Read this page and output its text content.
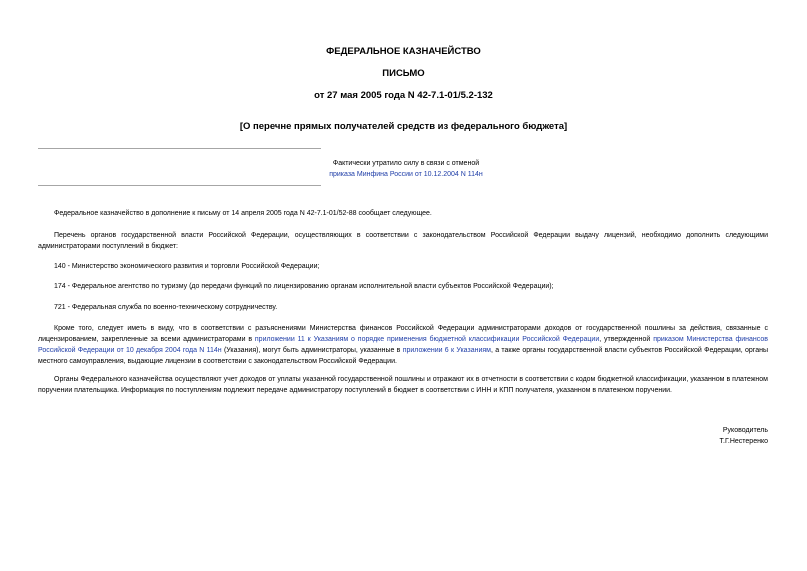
ФЕДЕРАЛЬНОЕ КАЗНАЧЕЙСТВО
ПИСЬМО
от 27 мая 2005 года N 42-7.1-01/5.2-132
[О перечне прямых получателей средств из федерального бюджета]
Фактически утратило силу в связи с отменой
приказа Минфина России от 10.12.2004 N 114н
Федеральное казначейство в дополнение к письму от 14 апреля 2005 года N 42-7.1-01/52-88 сообщает следующее.
Перечень органов государственной власти Российской Федерации, осуществляющих в соответствии с законодательством Российской Федерации выдачу лицензий, необходимо дополнить следующими администраторами поступлений в бюджет:
140 - Министерство экономического развития и торговли Российской Федерации;
174 - Федеральное агентство по туризму (до передачи функций по лицензированию органам исполнительной власти субъектов Российской Федерации);
721 - Федеральная служба по военно-техническому сотрудничеству.
Кроме того, следует иметь в виду, что в соответствии с разъяснениями Министерства финансов Российской Федерации администраторами доходов от государственной пошлины за действия, связанные с лицензированием, закрепленные за всеми администраторами в приложении 11 к Указаниям о порядке применения бюджетной классификации Российской Федерации, утвержденной приказом Министерства финансов Российской Федерации от 10 декабря 2004 года N 114н (Указания), могут быть администраторы, указанные в приложении 6 к Указаниям, а также органы государственной власти субъектов Российской Федерации, органы местного самоуправления, выдающие лицензии в соответствии с законодательством Российской Федерации.
Органы Федерального казначейства осуществляют учет доходов от уплаты указанной государственной пошлины и отражают их в отчетности в соответствии с кодом бюджетной классификации, указанном в платежном поручении плательщика. Информация по поступлениям подлежит передаче администратору поступлений в бюджет в соответствии с ИНН и КПП получателя, указанном в платежном поручении.
Руководитель
Т.Г.Нестеренко
